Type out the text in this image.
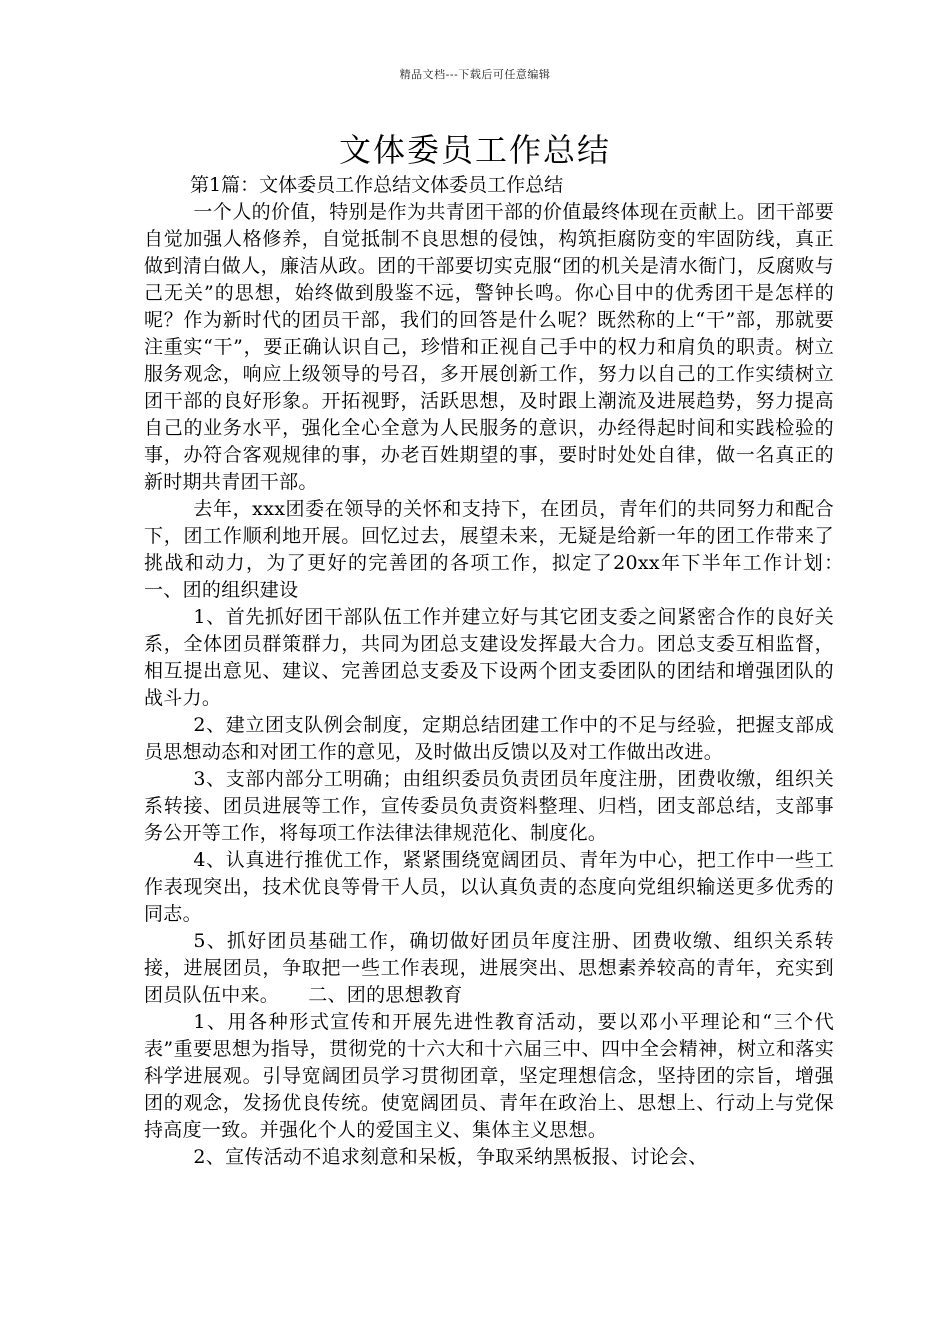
精品文档---下载后可任意编辑
文体委员工作总结

第1篇：文体委员工作总结文体委员工作总结

一个人的价值，特别是作为共青团干部的价值最终体现在贡献上。团干部要自觉加强人格修养，自觉抵制不良思想的侵蚀，构筑拒腐防变的牢固防线，真正做到清白做人，廉洁从政。团的干部要切实克服“团的机关是清水衙门，反腐败与己无关”的思想，始终做到殷鉴不远，警钟长鸣。你心目中的优秀团干是怎样的呢？作为新时代的团员干部，我们的回答是什么呢？既然称的上“干”部，那就要注重实“干”，要正确认识自己，珍惜和正视自己手中的权力和肩负的职责。树立服务观念，响应上级领导的号召，多开展创新工作，努力以自己的工作实绩树立团干部的良好形象。开拓视野，活跃思想，及时跟上潮流及进展趋势，努力提高自己的业务水平，强化全心全意为人民服务的意识，办经得起时间和实践检验的事，办符合客观规律的事，办老百姓期望的事，要时时处处自律，做一名真正的新时期共青团干部。

去年，xxx团委在领导的关怀和支持下，在团员，青年们的共同努力和配合下，团工作顺利地开展。回忆过去，展望未来，无疑是给新一年的团工作带来了挑战和动力，为了更好的完善团的各项工作，拟定了20xx年下半年工作计划：　　一、团的组织建设

1、首先抓好团干部队伍工作并建立好与其它团支委之间紧密合作的良好关系，全体团员群策群力，共同为团总支建设发挥最大合力。团总支委互相监督，相互提出意见、建议、完善团总支委及下设两个团支委团队的团结和增强团队的战斗力。

2、建立团支队例会制度，定期总结团建工作中的不足与经验，把握支部成员思想动态和对团工作的意见，及时做出反馈以及对工作做出改进。

3、支部内部分工明确；由组织委员负责团员年度注册，团费收缴，组织关系转接、团员进展等工作，宣传委员负责资料整理、归档，团支部总结，支部事务公开等工作，将每项工作法律法律规范化、制度化。

4、认真进行推优工作，紧紧围绕宽阔团员、青年为中心，把工作中一些工作表现突出，技术优良等骨干人员，以认真负责的态度向党组织输送更多优秀的同志。

5、抓好团员基础工作，确切做好团员年度注册、团费收缴、组织关系转接，进展团员，争取把一些工作表现，进展突出、思想素养较高的青年，充实到团员队伍中来。　　二、团的思想教育

1、用各种形式宣传和开展先进性教育活动，要以邓小平理论和“三个代表”重要思想为指导，贯彻党的十六大和十六届三中、四中全会精神，树立和落实科学进展观。引导宽阔团员学习贯彻团章，坚定理想信念，坚持团的宗旨，增强团的观念，发扬优良传统。使宽阔团员、青年在政治上、思想上、行动上与党保持高度一致。并强化个人的爱国主义、集体主义思想。

2、宣传活动不追求刻意和呆板，争取采纳黑板报、讨论会、
